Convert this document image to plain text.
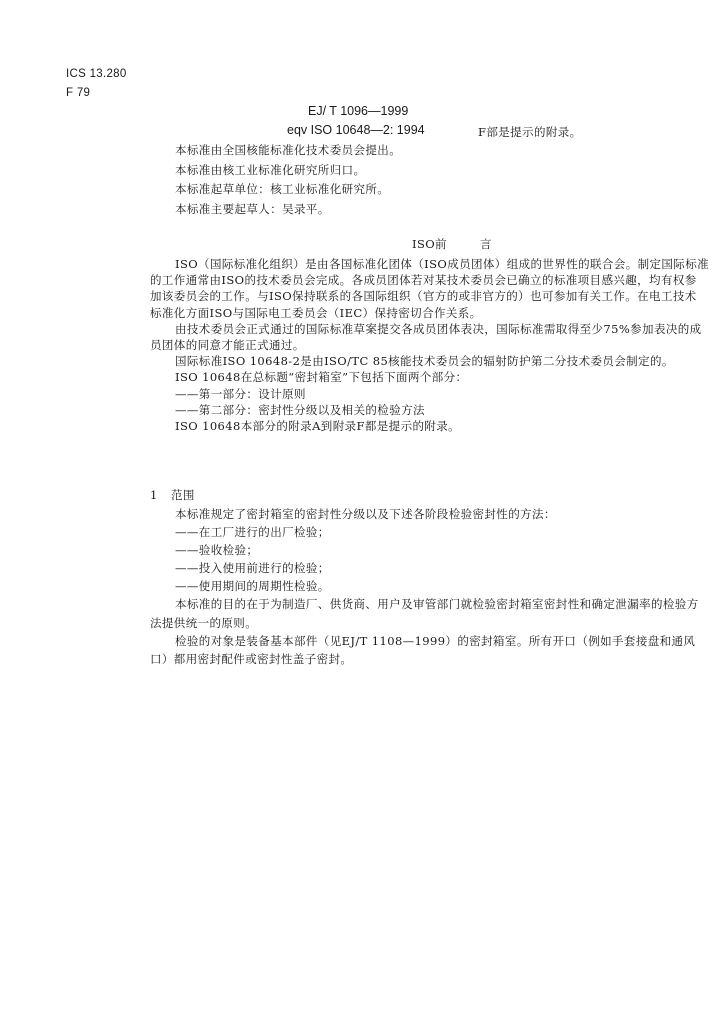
ICS 13.280
F 79
EJ/ T 1096—1999
eqv ISO 10648—2: 1994	F部是提示的附录。

本标准由全国核能标准化技术委员会提出。

本标准由核工业标准化研究所归口。

本标准起草单位：核工业标准化研究所。

本标准主要起草人：吴录平。

ISO前	言

ISO（国际标准化组织）是由各国标准化团体（ISO成员团体）组成的世界性的联合会。制定国际标准

的工作通常由ISO的技术委员会完成。各成员团体若对某技术委员会已确立的标准项目感兴趣，均有权参

加该委员会的工作。与ISO保持联系的各国际组织（官方的或非官方的）也可参加有关工作。在电工技术

标准化方面ISO与国际电工委员会（IEC）保持密切合作关系。

由技术委员会正式通过的国际标准草案提交各成员团体表决，国际标准需取得至少75%参加表决的成

员团体的同意才能正式通过。

国际标准ISO 10648-2是由ISO/TC 85核能技术委员会的辐射防护第二分技术委员会制定的。

ISO 10648在总标题“密封箱室”下包括下面两个部分：

——第一部分：设计原则

——第二部分：密封性分级以及相关的检验方法

ISO 10648本部分的附录A到附录F都是提示的附录。

1 范围

本标准规定了密封箱室的密封性分级以及下述各阶段检验密封性的方法：

——在工厂进行的出厂检验；

——验收检验；

——投入使用前进行的检验；

——使用期间的周期性检验。

本标准的目的在于为制造厂、供货商、用户及审管部门就检验密封箱室密封性和确定泄漏率的检验方

法提供统一的原则。

检验的对象是装备基本部件（见EJ/T 1108—1999）的密封箱室。所有开口（例如手套接盘和通风

口）都用密封配件或密封性盖子密封。
